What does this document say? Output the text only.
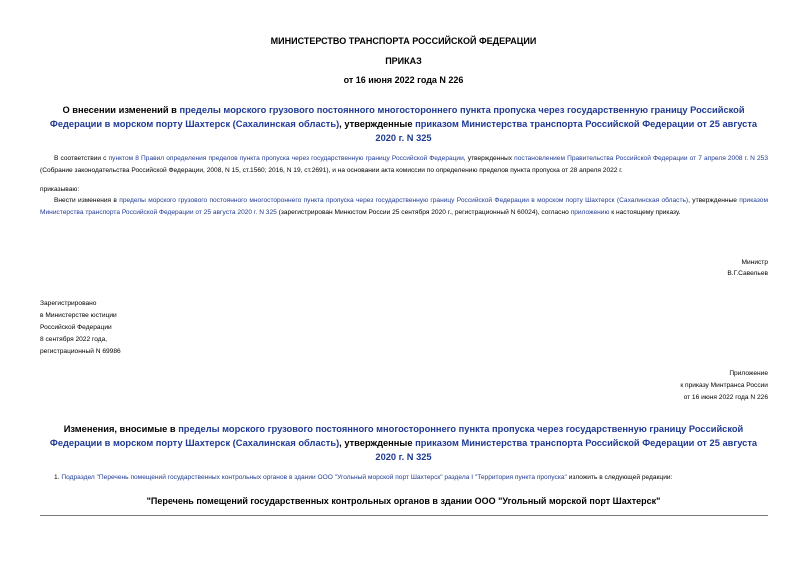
МИНИСТЕРСТВО ТРАНСПОРТА РОССИЙСКОЙ ФЕДЕРАЦИИ
ПРИКАЗ
от 16 июня 2022 года N 226
О внесении изменений в пределы морского грузового постоянного многостороннего пункта пропуска через государственную границу Российской Федерации в морском порту Шахтерск (Сахалинская область), утвержденные приказом Министерства транспорта Российской Федерации от 25 августа 2020 г. N 325
В соответствии с пунктом 8 Правил определения пределов пункта пропуска через государственную границу Российской Федерации, утвержденных постановлением Правительства Российской Федерации от 7 апреля 2008 г. N 253 (Собрание законодательства Российской Федерации, 2008, N 15, ст.1560; 2016, N 19, ст.2691), и на основании акта комиссии по определению пределов пункта пропуска от 28 апреля 2022 г.
приказываю:
Внести изменения в пределы морского грузового постоянного многостороннего пункта пропуска через государственную границу Российской Федерации в морском порту Шахтерск (Сахалинская область), утвержденные приказом Министерства транспорта Российской Федерации от 25 августа 2020 г. N 325 (зарегистрирован Минюстом России 25 сентября 2020 г., регистрационный N 60024), согласно приложению к настоящему приказу.
Министр
В.Г.Савельев
Зарегистрировано
в Министерстве юстиции
Российской Федерации
8 сентября 2022 года,
регистрационный N 69986
Приложение
к приказу Минтранса России
от 16 июня 2022 года N 226
Изменения, вносимые в пределы морского грузового постоянного многостороннего пункта пропуска через государственную границу Российской Федерации в морском порту Шахтерск (Сахалинская область), утвержденные приказом Министерства транспорта Российской Федерации от 25 августа 2020 г. N 325
1. Подраздел "Перечень помещений государственных контрольных органов в здании ООО "Угольный морской порт Шахтерск" раздела I "Территория пункта пропуска" изложить в следующей редакции:
"Перечень помещений государственных контрольных органов в здании ООО "Угольный морской порт Шахтерск"
